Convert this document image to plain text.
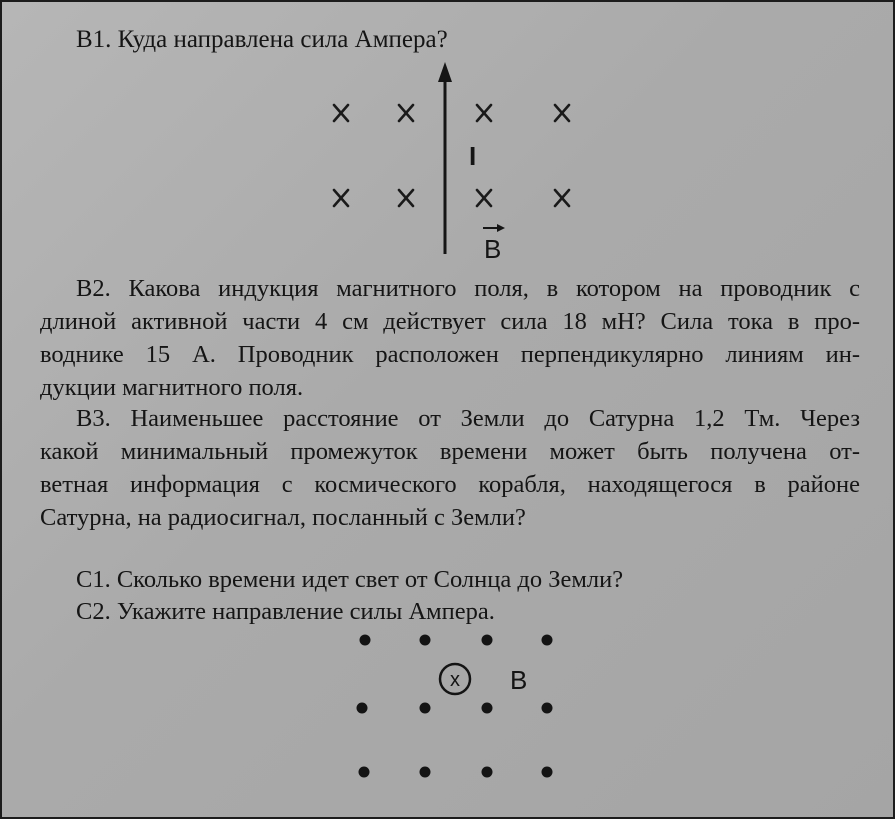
В1. Куда направлена сила Ампера?
I
B
В2. Какова индукция магнитного поля, в котором на проводник с
длиной активной части 4 см действует сила 18 мН? Сила тока в про-
воднике 15 А. Проводник расположен перпендикулярно линиям ин-
дукции магнитного поля.
В3. Наименьшее расстояние от Земли до Сатурна 1,2 Тм. Через
какой минимальный промежуток времени может быть получена от-
ветная информация с космического корабля, находящегося в районе
Сатурна, на радиосигнал, посланный с Земли?
С1. Сколько времени идет свет от Солнца до Земли?
С2. Укажите направление силы Ампера.
x B
